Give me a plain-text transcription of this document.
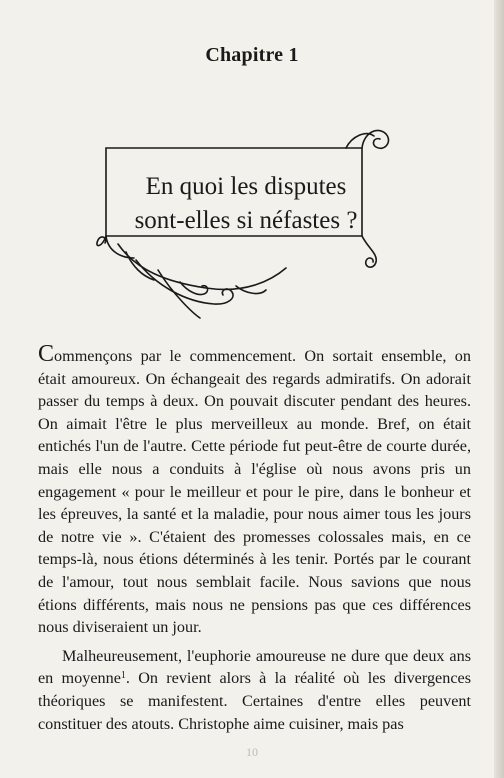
Chapitre 1
En quoi les disputes
sont-elles si néfastes ?

Commençons par le commencement. On sortait ensemble, on était amoureux. On échangeait des regards admiratifs. On adorait passer du temps à deux. On pouvait discuter pendant des heures. On aimait l'être le plus merveilleux au monde. Bref, on était entichés l'un de l'autre. Cette période fut peut-être de courte durée, mais elle nous a conduits à l'église où nous avons pris un engagement « pour le meilleur et pour le pire, dans le bonheur et les épreuves, la santé et la maladie, pour nous aimer tous les jours de notre vie ». C'étaient des promesses colossales mais, en ce temps-là, nous étions déterminés à les tenir. Portés par le courant de l'amour, tout nous semblait facile. Nous savions que nous étions différents, mais nous ne pensions pas que ces différences nous diviseraient un jour.

Malheureusement, l'euphorie amoureuse ne dure que deux ans en moyenne$^1$. On revient alors à la réalité où les divergences théoriques se manifestent. Certaines d'entre elles peuvent constituer des atouts. Christophe aime cuisiner, mais pas

10
